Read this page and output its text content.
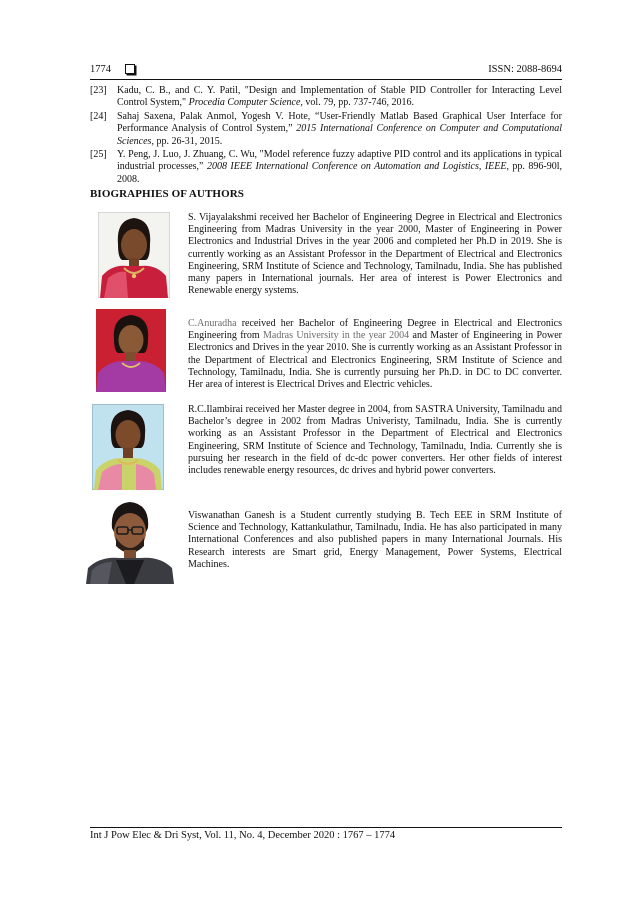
1774	ISSN: 2088-8694
[23]	Kadu, C. B., and C. Y. Patil, "Design and Implementation of Stable PID Controller for Interacting Level Control System," Procedia Computer Science, vol. 79, pp. 737-746, 2016.
[24]	Sahaj Saxena, Palak Anmol, Yogesh V. Hote, “User-Friendly Matlab Based Graphical User Interface for Performance Analysis of Control System,” 2015 International Conference on Computer and Computational Sciences, pp. 26-31, 2015.
[25]	Y. Peng, J. Luo, J. Zhuang, C. Wu, "Model reference fuzzy adaptive PID control and its applications in typical industrial processes,” 2008 IEEE International Conference on Automation and Logistics, IEEE, pp. 896-90l, 2008.
BIOGRAPHIES OF AUTHORS
S. Vijayalakshmi received her Bachelor of Engineering Degree in Electrical and Electronics Engineering from Madras University in the year 2000, Master of Engineering in Power Electronics and Industrial Drives in the year 2006 and completed her Ph.D in 2019. She is currently working as an Assistant Professor in the Department of Electrical and Electronics Engineering, SRM Institute of Science and Technology, Tamilnadu, India. She has published many papers in International journals. Her area of interest is Power Electronics and Renewable energy systems.
C.Anuradha received her Bachelor of Engineering Degree in Electrical and Electronics Engineering from Madras University in the year 2004 and Master of Engineering in Power Electronics and Drives in the year 2010. She is currently working as an Assistant Professor in the Department of Electrical and Electronics Engineering, SRM Institute of Science and Technology, Tamilnadu, India. She is currently pursuing her Ph.D. in DC to DC converter. Her area of interest is Electrical Drives and Electric vehicles.
R.C.Ilambirai received her Master degree in 2004, from SASTRA University, Tamilnadu and Bachelor’s degree in 2002 from Madras Univeristy, Tamilnadu, India. She is currently working as an Assistant Professor in the Department of Electrical and Electronics Engineering, SRM Institute of Science and Technology, Tamilnadu, India. Currently she is pursuing her research in the field of dc-dc power converters. Her other fields of interest includes renewable energy resources, dc drives and hybrid power converters.
Viswanathan Ganesh is a Student currently studying B. Tech EEE in SRM Institute of Science and Technology, Kattankulathur, Tamilnadu, India. He has also participated in many International Conferences and also published papers in many International Journals. His Research interests are Smart grid, Energy Management, Power Systems, Electrical Machines.
Int J Pow Elec & Dri Syst, Vol. 11, No. 4, December 2020 : 1767 – 1774
